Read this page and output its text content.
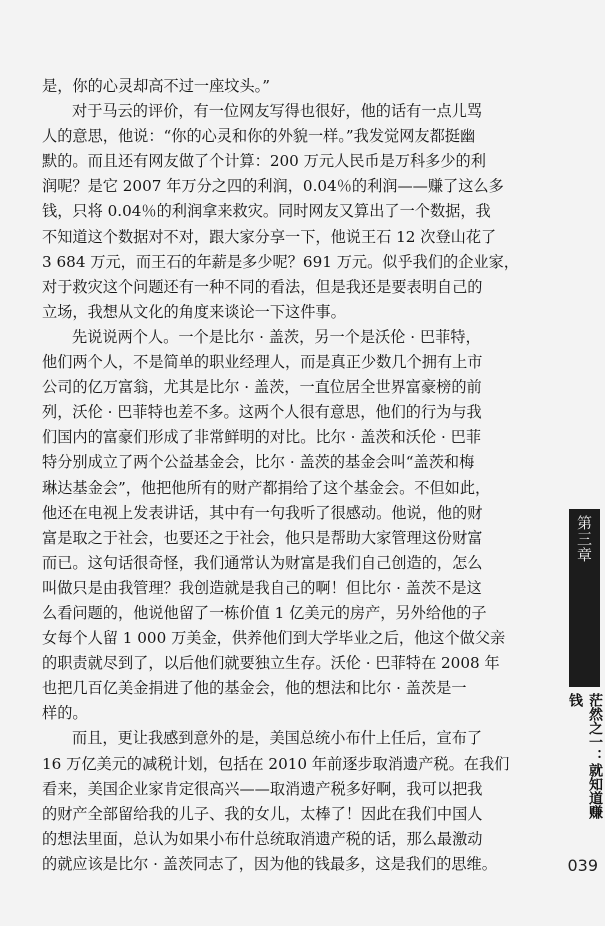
是，你的心灵却高不过一座坟头。”
对于马云的评价，有一位网友写得也很好，他的话有一点儿骂
人的意思，他说：“你的心灵和你的外貌一样。”我发觉网友都挺幽
默的。而且还有网友做了个计算：200 万元人民币是万科多少的利
润呢？是它 2007 年万分之四的利润，0.04％的利润——赚了这么多
钱，只将 0.04％的利润拿来救灾。同时网友又算出了一个数据，我
不知道这个数据对不对，跟大家分享一下，他说王石 12 次登山花了
3 684 万元，而王石的年薪是多少呢？691 万元。似乎我们的企业家，
对于救灾这个问题还有一种不同的看法，但是我还是要表明自己的
立场，我想从文化的角度来谈论一下这件事。
先说说两个人。一个是比尔 · 盖茨，另一个是沃伦 · 巴菲特，
他们两个人，不是简单的职业经理人，而是真正少数几个拥有上市
公司的亿万富翁，尤其是比尔 · 盖茨，一直位居全世界富豪榜的前
列，沃伦 · 巴菲特也差不多。这两个人很有意思，他们的行为与我
们国内的富豪们形成了非常鲜明的对比。比尔 · 盖茨和沃伦 · 巴菲
特分别成立了两个公益基金会，比尔 · 盖茨的基金会叫“盖茨和梅
琳达基金会”，他把他所有的财产都捐给了这个基金会。不但如此，
他还在电视上发表讲话，其中有一句我听了很感动。他说，他的财
富是取之于社会，也要还之于社会，他只是帮助大家管理这份财富
而已。这句话很奇怪，我们通常认为财富是我们自己创造的，怎么
叫做只是由我管理？我创造就是我自己的啊！但比尔 · 盖茨不是这
么看问题的，他说他留了一栋价值 1 亿美元的房产，另外给他的子
女每个人留 1 000 万美金，供养他们到大学毕业之后，他这个做父亲
的职责就尽到了，以后他们就要独立生存。沃伦 · 巴菲特在 2008 年
也把几百亿美金捐进了他的基金会，他的想法和比尔 · 盖茨是一
样的。
而且，更让我感到意外的是，美国总统小布什上任后，宣布了
16 万亿美元的减税计划，包括在 2010 年前逐步取消遗产税。在我们
看来，美国企业家肯定很高兴——取消遗产税多好啊，我可以把我
的财产全部留给我的儿子、我的女儿，太棒了！因此在我们中国人
的想法里面，总认为如果小布什总统取消遗产税的话，那么最激动
的就应该是比尔 · 盖茨同志了，因为他的钱最多，这是我们的思维。
第三章
茫然之一：就知道赚钱
039
